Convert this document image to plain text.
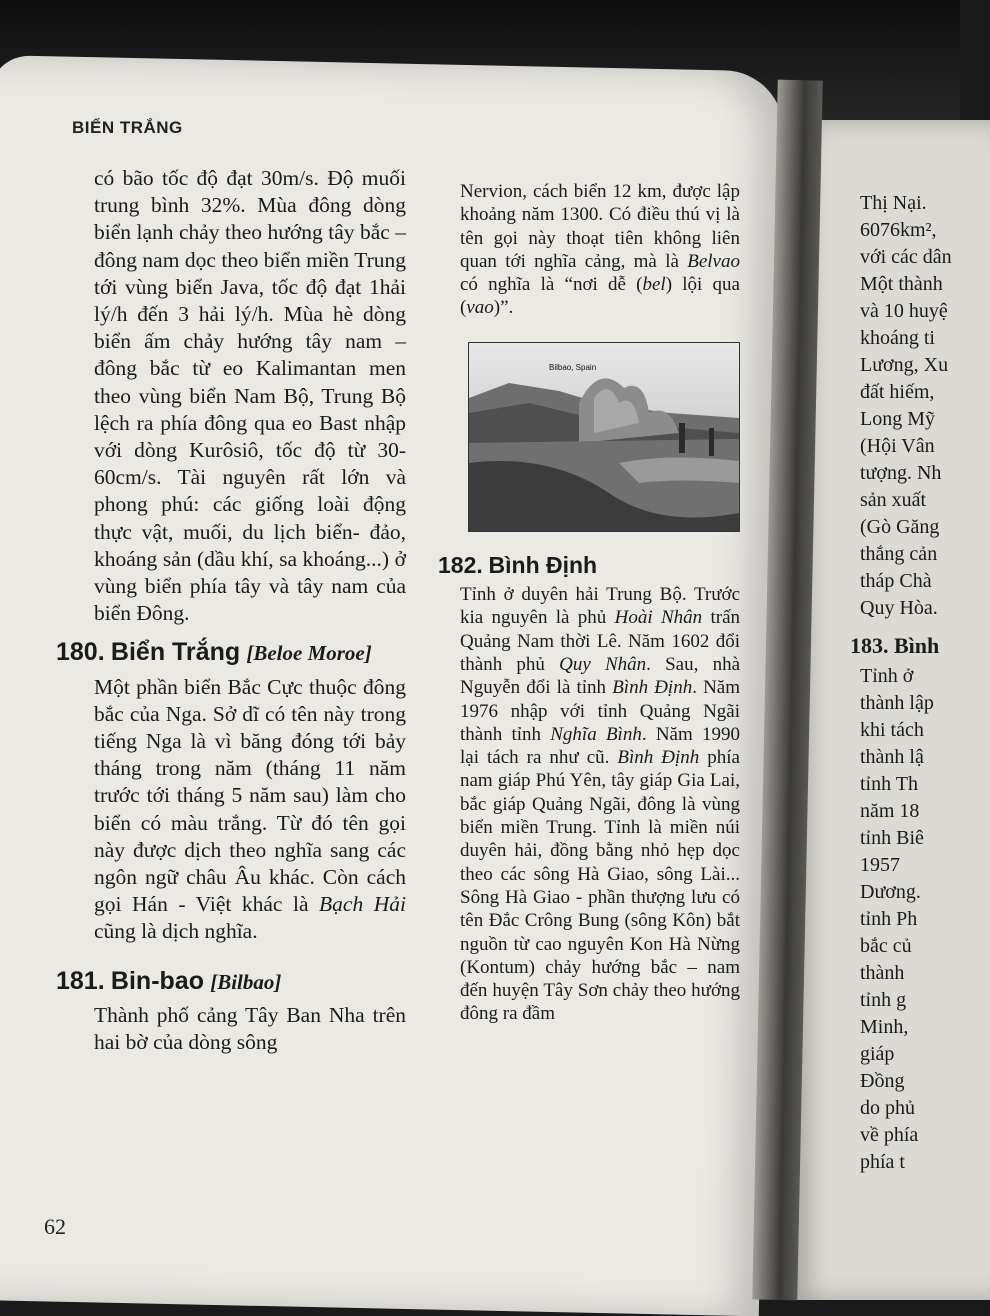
BIỂN TRẮNG

có bão tốc độ đạt 30m/s. Độ muối trung bình 32%. Mùa đông dòng biển lạnh chảy theo hướng tây bắc – đông nam dọc theo biển miền Trung tới vùng biển Java, tốc độ đạt 1hải lý/h đến 3 hải lý/h. Mùa hè dòng biển ấm chảy hướng tây nam – đông bắc từ eo Kalimantan men theo vùng biển Nam Bộ, Trung Bộ lệch ra phía đông qua eo Bast nhập với dòng Kurôsiô, tốc độ từ 30- 60cm/s. Tài nguyên rất lớn và phong phú: các giống loài động thực vật, muối, du lịch biển- đảo, khoáng sản (dầu khí, sa khoáng...) ở vùng biển phía tây và tây nam của biển Đông.

180. Biển Trắng [Beloe Moroe]

Một phần biển Bắc Cực thuộc đông bắc của Nga. Sở dĩ có tên này trong tiếng Nga là vì băng đóng tới bảy tháng trong năm (tháng 11 năm trước tới tháng 5 năm sau) làm cho biển có màu trắng. Từ đó tên gọi này được dịch theo nghĩa sang các ngôn ngữ châu Âu khác. Còn cách gọi Hán - Việt khác là Bạch Hải cũng là dịch nghĩa.

181. Bin-bao [Bilbao]

Thành phố cảng Tây Ban Nha trên hai bờ của dòng sông

Nervion, cách biển 12 km, được lập khoảng năm 1300. Có điều thú vị là tên gọi này thoạt tiên không liên quan tới nghĩa cảng, mà là Belvao có nghĩa là “nơi dễ (bel) lội qua (vao)”.

182. Bình Định

Tỉnh ở duyên hải Trung Bộ. Trước kia nguyên là phủ Hoài Nhân trấn Quảng Nam thời Lê. Năm 1602 đổi thành phủ Quy Nhân. Sau, nhà Nguyễn đổi là tỉnh Bình Định. Năm 1976 nhập với tỉnh Quảng Ngãi thành tỉnh Nghĩa Bình. Năm 1990 lại tách ra như cũ. Bình Định phía nam giáp Phú Yên, tây giáp Gia Lai, bắc giáp Quảng Ngãi, đông là vùng biển miền Trung. Tỉnh là miền núi duyên hải, đồng bằng nhỏ hẹp dọc theo các sông Hà Giao, sông Lài... Sông Hà Giao - phần thượng lưu có tên Đắc Crông Bung (sông Kôn) bắt nguồn từ cao nguyên Kon Hà Nừng (Kontum) chảy hướng bắc – nam đến huyện Tây Sơn chảy theo hướng đông ra đầm

Bilbao, Spain
Thị Nại.
6076km²,
với các dân
Một thành
và 10 huyệ
khoáng ti
Lương, Xu
đất hiếm,
Long Mỹ
(Hội Vân
tượng. Nh
sản xuất
(Gò Găng
thắng cản
tháp Chà
Quy Hòa.
183. Bình
Tỉnh ở
thành lập
khi tách
thành lậ
tỉnh Th
năm 18
tỉnh Biê
1957
Dương.
tỉnh Ph
bắc củ
thành
tỉnh g
Minh,
giáp
Đồng
do phủ
về phía
phía t
62
